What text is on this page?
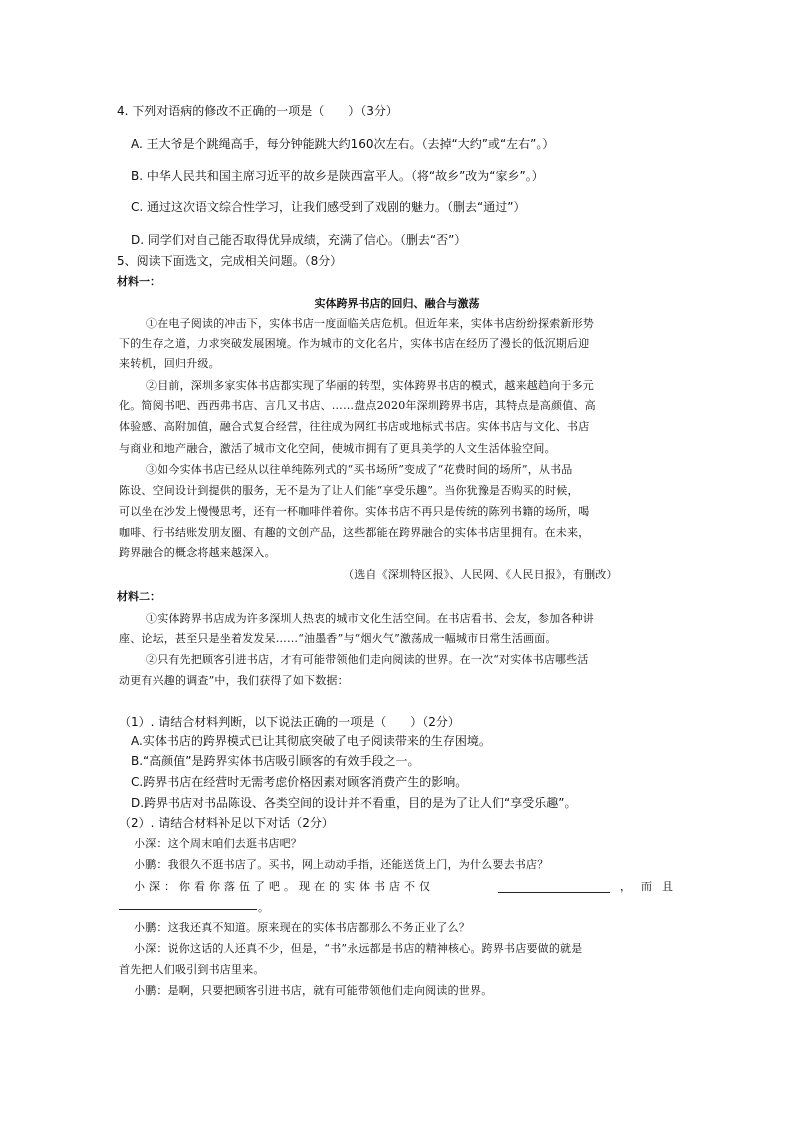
4. 下列对语病的修改不正确的一项是（　　）（3分）
A. 王大爷是个跳绳高手，每分钟能跳大约160次左右。（去掉“大约”或“左右”。）
B. 中华人民共和国主席习近平的故乡是陕西富平人。（将“故乡”改为“家乡”。）
C. 通过这次语文综合性学习，让我们感受到了戏剧的魅力。（删去“通过”）
D. 同学们对自己能否取得优异成绩，充满了信心。（删去“否”）
5、阅读下面选文，完成相关问题。（8分）
材料一：
实体跨界书店的回归、融合与激荡
①在电子阅读的冲击下，实体书店一度面临关店危机。但近年来，实体书店纷纷探索新形势
下的生存之道，力求突破发展困境。作为城市的文化名片，实体书店在经历了漫长的低沉期后迎
来转机，回归升级。
②目前，深圳多家实体书店都实现了华丽的转型，实体跨界书店的模式，越来越趋向于多元
化。简阅书吧、西西弗书店、言几又书店、……盘点2020年深圳跨界书店，其特点是高颜值、高
体验感、高附加值，融合式复合经营，往往成为网红书店或地标式书店。实体书店与文化、书店
与商业和地产融合，激活了城市文化空间，使城市拥有了更具美学的人文生活体验空间。
③如今实体书店已经从以往单纯陈列式的“买书场所”变成了“花费时间的场所”，从书品
陈设、空间设计到提供的服务，无不是为了让人们能“享受乐趣”。当你犹豫是否购买的时候，
可以坐在沙发上慢慢思考，还有一杯咖啡伴着你。实体书店不再只是传统的陈列书籍的场所，喝
咖啡、行书结账发朋友圈、有趣的文创产品，这些都能在跨界融合的实体书店里拥有。在未来，
跨界融合的概念将越来越深入。
（选自《深圳特区报》、人民网、《人民日报》，有删改）
材料二：
①实体跨界书店成为许多深圳人热衷的城市文化生活空间。在书店看书、会友，参加各种讲
座、论坛，甚至只是坐着发发呆……“油墨香”与“烟火气”激荡成一幅城市日常生活画面。
②只有先把顾客引进书店，才有可能带领他们走向阅读的世界。在一次“对实体书店哪些活
动更有兴趣的调查”中，我们获得了如下数据：
（1）. 请结合材料判断，以下说法正确的一项是（　　）（2分）
A.实体书店的跨界模式已让其彻底突破了电子阅读带来的生存困境。
B.“高颜值”是跨界实体书店吸引顾客的有效手段之一。
C.跨界书店在经营时无需考虑价格因素对顾客消费产生的影响。
D.跨界书店对书品陈设、各类空间的设计并不看重，目的是为了让人们“享受乐趣”。
（2）. 请结合材料补足以下对话（2分）
小深：这个周末咱们去逛书店吧？
小鹏：我很久不逛书店了。买书，网上动动手指，还能送货上门，为什么要去书店？
小深：你看你落伍了吧。现在的实体书店不仅	，而且
。
小鹏：这我还真不知道。原来现在的实体书店都那么不务正业了么？
小深：说你这话的人还真不少，但是，“书”永远都是书店的精神核心。跨界书店要做的就是
首先把人们吸引到书店里来。
小鹏：是啊，只要把顾客引进书店，就有可能带领他们走向阅读的世界。
